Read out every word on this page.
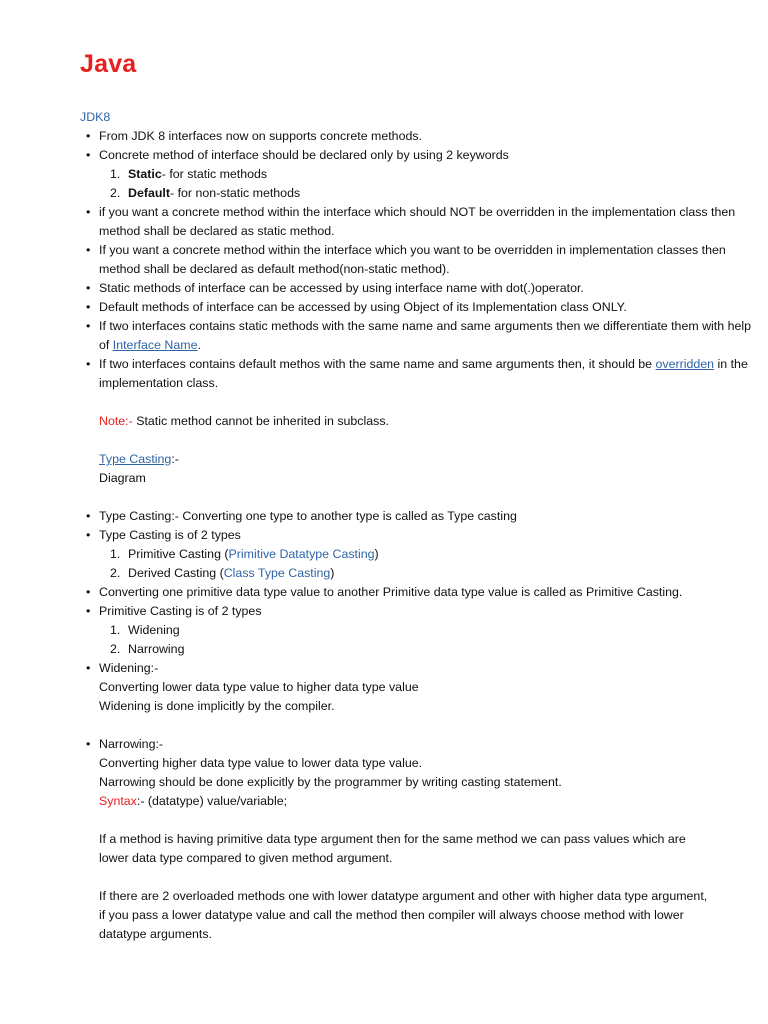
Java
JDK8
• From JDK 8 interfaces now on supports concrete methods.
• Concrete method of interface should be declared only by using 2 keywords
1. Static- for static methods
2. Default- for non-static methods
• if you want a concrete method within the interface which should NOT be overridden in the implementation class then method shall be declared as static method.
• If you want a concrete method within the interface which you want to be overridden in implementation classes then method shall be declared as default method(non-static method).
• Static methods of interface can be accessed by using interface name with dot(.)operator.
• Default methods of interface can be accessed by using Object of its Implementation class ONLY.
• If two interfaces contains static methods with the same name and same arguments then we differentiate them with help of Interface Name.
• If two interfaces contains default methos with the same name and same arguments then, it should be overridden in the implementation class.
Note:- Static method cannot be inherited in subclass.
Type Casting:-
Diagram
• Type Casting:- Converting one type to another type is called as Type casting
• Type Casting is of 2 types
1. Primitive Casting (Primitive Datatype Casting)
2. Derived Casting (Class Type Casting)
• Converting one primitive data type value to another Primitive data type value is called as Primitive Casting.
• Primitive Casting is of 2 types
1. Widening
2. Narrowing
• Widening:-
Converting lower data type value to higher data type value
Widening is done implicitly by the compiler.
• Narrowing:-
Converting higher data type value to lower data type value.
Narrowing should be done explicitly by the programmer by writing casting statement.
Syntax:- (datatype) value/variable;
If a method is having primitive data type argument then for the same method we can pass values which are
lower data type compared to given method argument.
If there are 2 overloaded methods one with lower datatype argument and other with higher data type argument,
if you pass a lower datatype value and call the method then compiler will always choose method with lower
datatype arguments.
